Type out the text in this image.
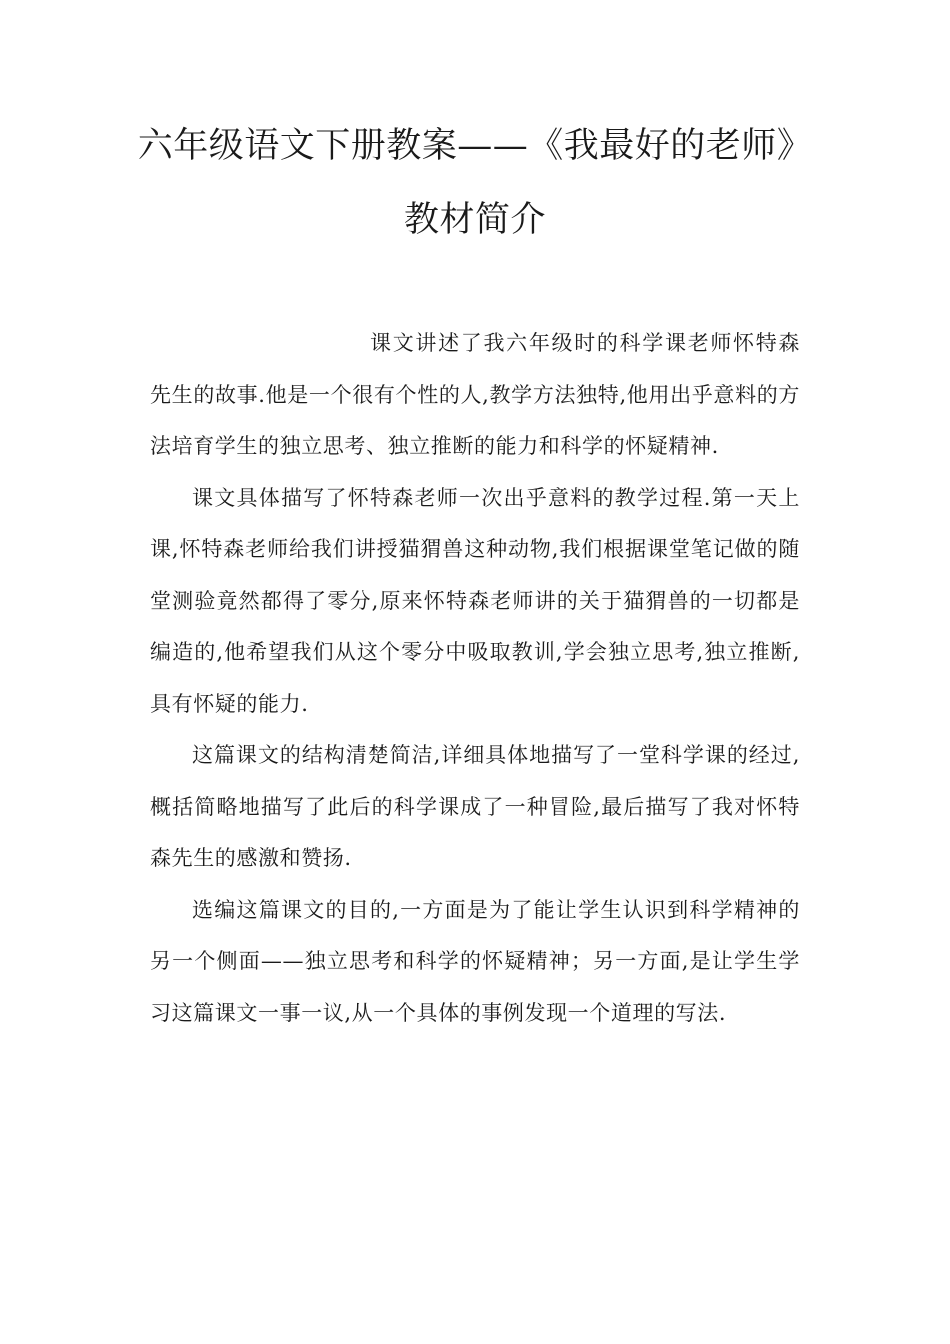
六年级语文下册教案——《我最好的老师》
教材简介

课文讲述了我六年级时的科学课老师怀特森先生的故事.他是一个很有个性的人,教学方法独特,他用出乎意料的方法培育学生的独立思考、独立推断的能力和科学的怀疑精神.

课文具体描写了怀特森老师一次出乎意料的教学过程.第一天上课,怀特森老师给我们讲授猫猬兽这种动物,我们根据课堂笔记做的随堂测验竟然都得了零分,原来怀特森老师讲的关于猫猬兽的一切都是编造的,他希望我们从这个零分中吸取教训,学会独立思考,独立推断,具有怀疑的能力.

这篇课文的结构清楚简洁,详细具体地描写了一堂科学课的经过,概括简略地描写了此后的科学课成了一种冒险,最后描写了我对怀特森先生的感激和赞扬.

选编这篇课文的目的,一方面是为了能让学生认识到科学精神的另一个侧面——独立思考和科学的怀疑精神；另一方面,是让学生学习这篇课文一事一议,从一个具体的事例发现一个道理的写法.
